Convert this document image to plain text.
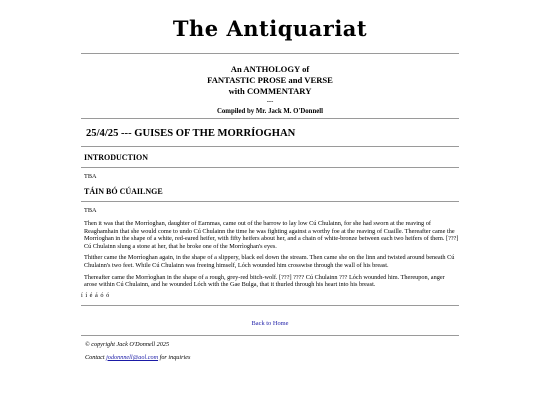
The Antiquariat
An ANTHOLOGY of
FANTASTIC PROSE and VERSE
with COMMENTARY
---
Compiled by Mr. Jack M. O'Donnell
25/4/25 --- GUISES OF THE MORRÍOGHAN
INTRODUCTION
TBA
TÁIN BÓ CÚAILNGE
TBA
Then it was that the Morrìoghan, daughter of Earnmas, came out of the barrow to lay low Cú Chulainn, for she had sworn at the reaving of Reaghamhain that she would come to undo Cú Chulainn the time he was fighting against a worthy foe at the reaving of Cuaille. Thereafter came the Morrìoghan in the shape of a white, red-eared heifer, with fifty heifers about her, and a chain of white-bronze between each two heifers of them. [???] Cú Chulainn slung a stone at her, that he broke one of the Morrìoghan's eyes.
Thither came the Morrìoghan again, in the shape of a slippery, black eel down the stream. Then came she on the linn and twisted around beneath Cú Chulainn's two feet. While Cú Chulainn was freeing himself, Lóch wounded him crosswise through the wall of his breast.
Thereafter came the Morrìoghan in the shape of a rough, grey-red bitch-wolf. [???] ???? Cú Chulainn ??? Lóch wounded him. Thereupon, anger arose within Cú Chulainn, and he wounded Lóch with the Gae Bulga, that it thurled through his heart into his breast.
í í é á ó ó
Back to Home
© copyright Jack O'Donnell 2025
Contact jodonnnell@aol.com for inquiries
